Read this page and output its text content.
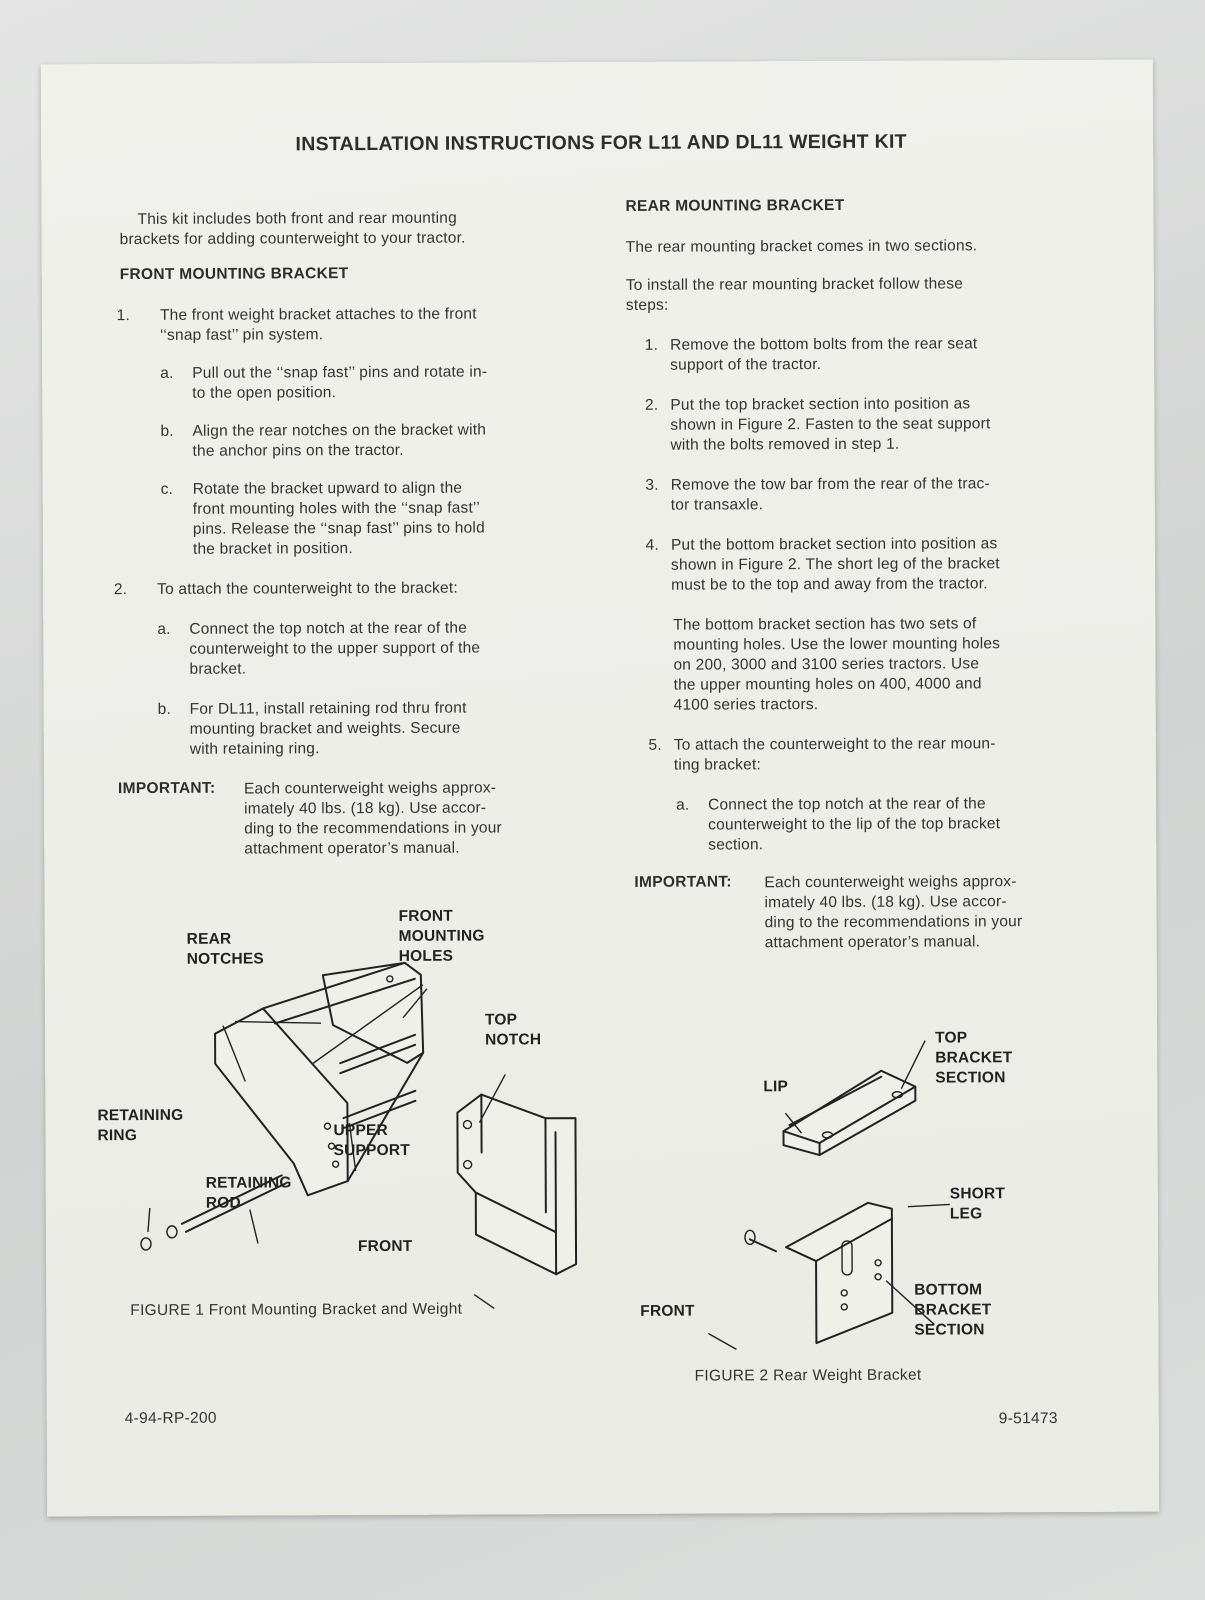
INSTALLATION INSTRUCTIONS FOR L11 AND DL11 WEIGHT KIT
This kit includes both front and rear mounting
brackets for adding counterweight to your tractor.
FRONT MOUNTING BRACKET
1. The front weight bracket attaches to the front
‘‘snap fast’’ pin system.
a. Pull out the ‘‘snap fast’’ pins and rotate in-
to the open position.
b. Align the rear notches on the bracket with
the anchor pins on the tractor.
c. Rotate the bracket upward to align the
front mounting holes with the ‘‘snap fast’’
pins. Release the ‘‘snap fast’’ pins to hold
the bracket in position.
2. To attach the counterweight to the bracket:
a. Connect the top notch at the rear of the
counterweight to the upper support of the
bracket.
b. For DL11, install retaining rod thru front
mounting bracket and weights. Secure
with retaining ring.
IMPORTANT: Each counterweight weighs approx-
imately 40 lbs. (18 kg). Use accor-
ding to the recommendations in your
attachment operator’s manual.
REAR MOUNTING BRACKET
The rear mounting bracket comes in two sections.
To install the rear mounting bracket follow these
steps:
1. Remove the bottom bolts from the rear seat
support of the tractor.
2. Put the top bracket section into position as
shown in Figure 2. Fasten to the seat support
with the bolts removed in step 1.
3. Remove the tow bar from the rear of the trac-
tor transaxle.
4. Put the bottom bracket section into position as
shown in Figure 2. The short leg of the bracket
must be to the top and away from the tractor.
The bottom bracket section has two sets of
mounting holes. Use the lower mounting holes
on 200, 3000 and 3100 series tractors. Use
the upper mounting holes on 400, 4000 and
4100 series tractors.
5. To attach the counterweight to the rear moun-
ting bracket:
a. Connect the top notch at the rear of the
counterweight to the lip of the top bracket
section.
IMPORTANT: Each counterweight weighs approx-
imately 40 lbs. (18 kg). Use accor-
ding to the recommendations in your
attachment operator’s manual.
REAR
NOTCHES
FRONT
MOUNTING
HOLES
TOP
NOTCH
RETAINING
RING	UPPER
SUPPORT
RETAINING
ROD
FRONT
FIGURE 1 Front Mounting Bracket and Weight
LIP
TOP
BRACKET
SECTION
SHORT
LEG
BOTTOM
BRACKET
SECTION
FRONT
FIGURE 2 Rear Weight Bracket
4-94-RP-200	9-51473
